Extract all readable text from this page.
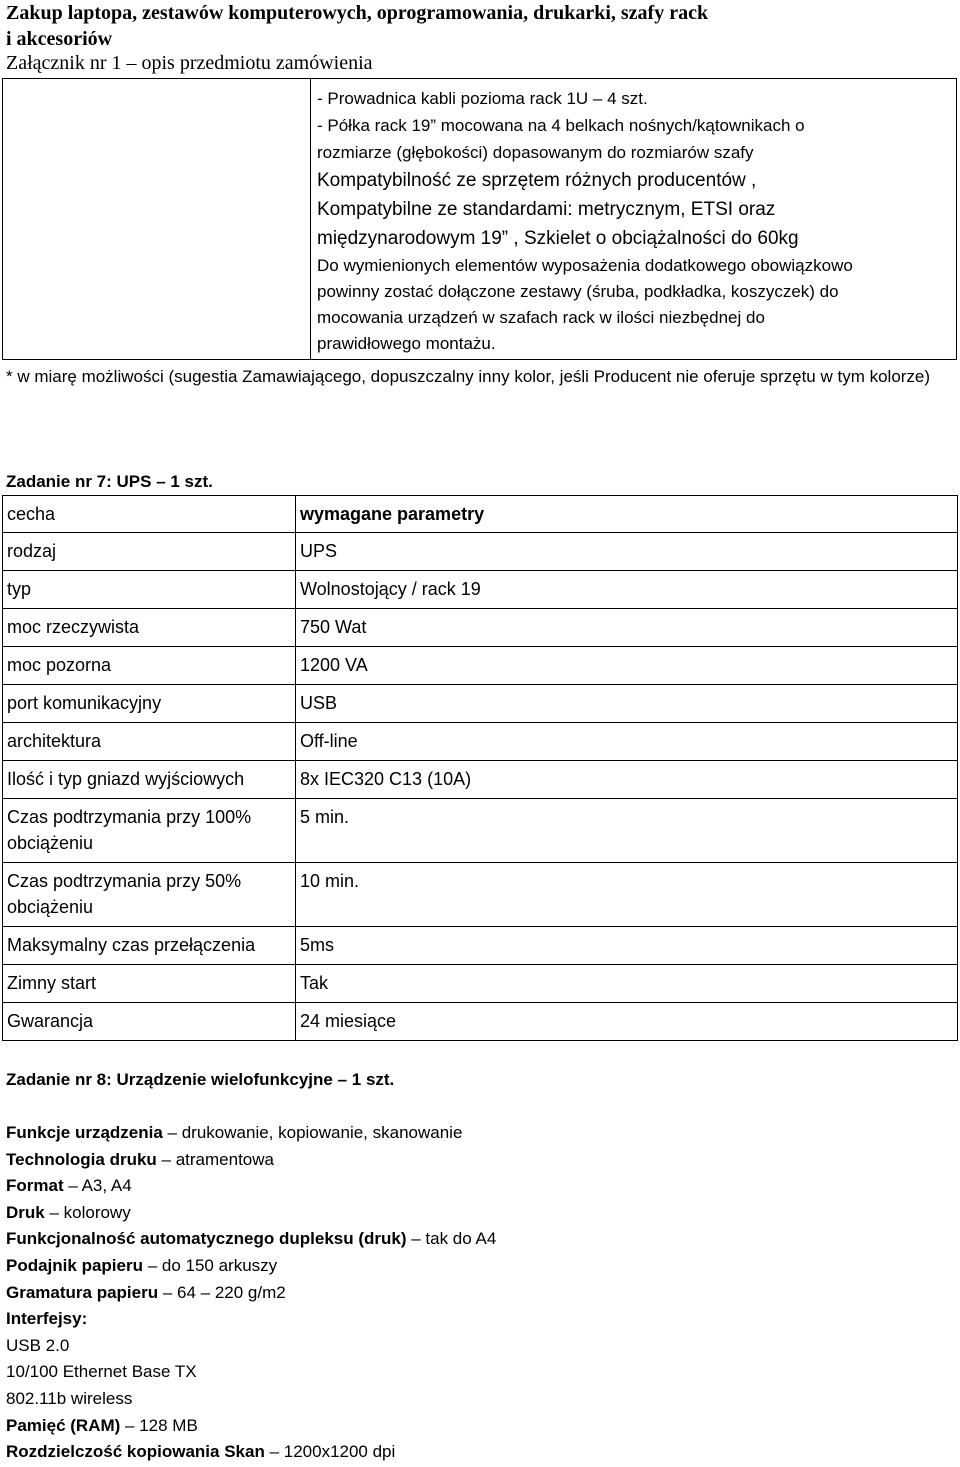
Zakup laptopa, zestawów komputerowych, oprogramowania, drukarki, szafy rack
i akcesoriów
Załącznik nr 1 – opis przedmiotu zamówienia
- Prowadnica kabli pozioma rack 1U – 4 szt.
- Półka rack 19” mocowana na 4 belkach nośnych/kątownikach o
rozmiarze (głębokości) dopasowanym do rozmiarów szafy
Kompatybilność ze sprzętem różnych producentów ,
Kompatybilne ze standardami: metrycznym, ETSI oraz
międzynarodowym 19” , Szkielet o obciążalności do 60kg
Do wymienionych elementów wyposażenia dodatkowego obowiązkowo
powinny zostać dołączone zestawy (śruba, podkładka, koszyczek) do
mocowania urządzeń w szafach rack w ilości niezbędnej do
prawidłowego montażu.
* w miarę możliwości (sugestia Zamawiającego, dopuszczalny inny kolor, jeśli Producent nie oferuje sprzętu w tym kolorze)
Zadanie nr 7: UPS – 1 szt.
cecha	wymagane parametry
rodzaj	UPS
typ	Wolnostojący / rack 19
moc rzeczywista	750 Wat
moc pozorna	1200 VA
port komunikacyjny	USB
architektura	Off-line
Ilość i typ gniazd wyjściowych	8x IEC320 C13 (10A)
Czas podtrzymania przy 100% obciążeniu	5 min.
Czas podtrzymania przy 50% obciążeniu	10 min.
Maksymalny czas przełączenia	5ms
Zimny start	Tak
Gwarancja	24 miesiące
Zadanie nr 8: Urządzenie wielofunkcyjne – 1 szt.
Funkcje urządzenia – drukowanie, kopiowanie, skanowanie
Technologia druku – atramentowa
Format – A3, A4
Druk – kolorowy
Funkcjonalność automatycznego dupleksu (druk) – tak do A4
Podajnik papieru – do 150 arkuszy
Gramatura papieru – 64 – 220 g/m2
Interfejsy:
USB 2.0
10/100 Ethernet Base TX
802.11b wireless
Pamięć (RAM) – 128 MB
Rozdzielczość kopiowania Skan – 1200x1200 dpi
